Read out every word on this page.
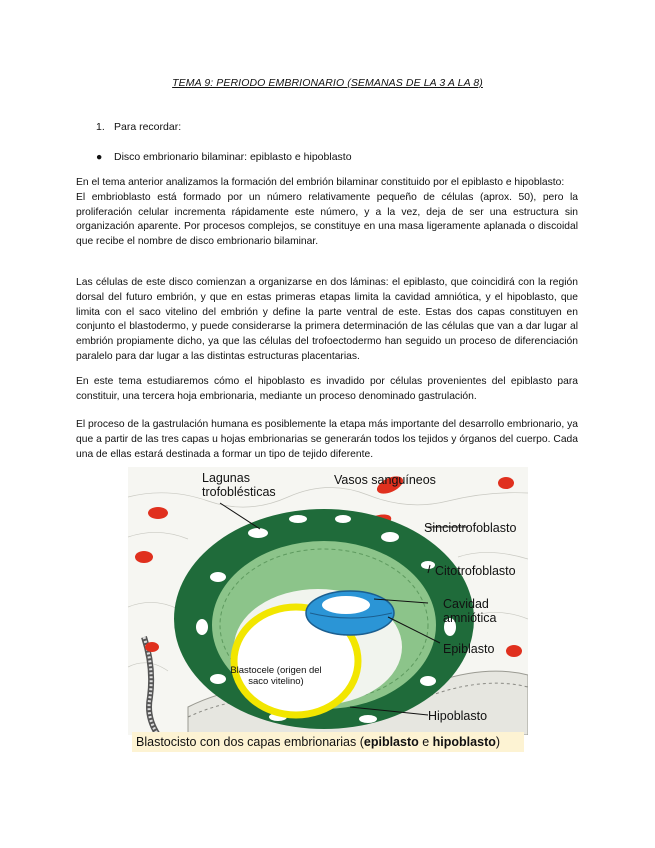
TEMA 9: PERIODO EMBRIONARIO (SEMANAS DE LA 3 A LA 8)
1. Para recordar:
● Disco embrionario bilaminar: epiblasto e hipoblasto

En el tema anterior analizamos la formación del embrión bilaminar constituido por el epiblasto e hipoblasto:

El embrioblasto está formado por un número relativamente pequeño de células (aprox. 50), pero la proliferación celular incrementa rápidamente este número, y a la vez, deja de ser una estructura sin organización aparente. Por procesos complejos, se constituye en una masa ligeramente aplanada o discoidal que recibe el nombre de disco embrionario bilaminar.

Las células de este disco comienzan a organizarse en dos láminas: el epiblasto, que coincidirá con la región dorsal del futuro embrión, y que en estas primeras etapas limita la cavidad amniótica, y el hipoblasto, que limita con el saco vitelino del embrión y define la parte ventral de este. Estas dos capas constituyen en conjunto el blastodermo, y puede considerarse la primera determinación de las células que van a dar lugar al embrión propiamente dicho, ya que las células del trofoectodermo han seguido un proceso de diferenciación paralelo para dar lugar a las distintas estructuras placentarias.

En este tema estudiaremos cómo el hipoblasto es invadido por células provenientes del epiblasto para constituir, una tercera hoja embrionaria, mediante un proceso denominado gastrulación.

El proceso de la gastrulación humana es posiblemente la etapa más importante del desarrollo embrionario, ya que a partir de las tres capas u hojas embrionarias se generarán todos los tejidos y órganos del cuerpo. Cada una de ellas estará destinada a formar un tipo de tejido diferente.

Lagunas
trofoblésticas
Vasos sanguíneos
Sinciotrofoblasto
Citotrofoblasto
Cavidad
amniótica
Epiblasto
Blastocele (origen del
saco vitelino)
Hipoblasto
Blastocisto con dos capas embrionarias (epiblasto e hipoblasto)
